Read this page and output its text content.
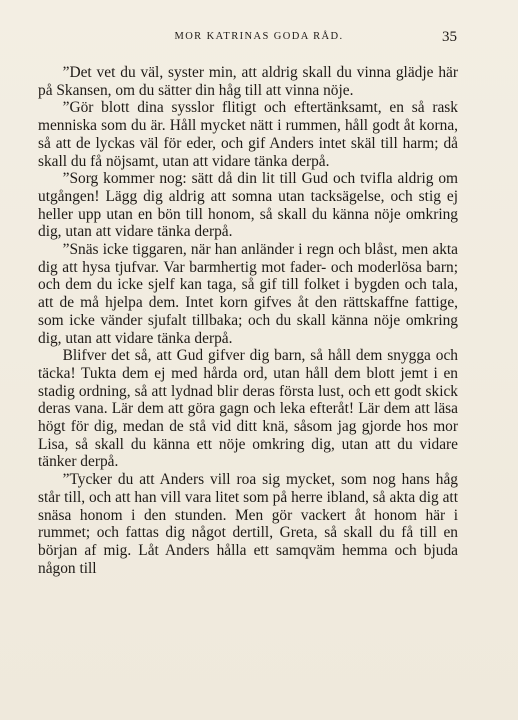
MOR KATRINAS GODA RÅD.	35

”Det vet du väl, syster min, att aldrig skall du vinna glädje här på Skansen, om du sätter din håg till att vinna nöje.

”Gör blott dina sysslor flitigt och eftertänksamt, en så rask menniska som du är. Håll mycket nätt i rummen, håll godt åt korna, så att de lyckas väl för eder, och gif Anders intet skäl till harm; då skall du få nöjsamt, utan att vidare tänka derpå.

”Sorg kommer nog: sätt då din lit till Gud och tvifla aldrig om utgången! Lägg dig aldrig att somna utan tacksägelse, och stig ej heller upp utan en bön till honom, så skall du känna nöje omkring dig, utan att vidare tänka derpå.

”Snäs icke tiggaren, när han anländer i regn och blåst, men akta dig att hysa tjufvar. Var barmhertig mot fader- och moderlösa barn; och dem du icke sjelf kan taga, så gif till folket i bygden och tala, att de må hjelpa dem. Intet korn gifves åt den rättskaffne fattige, som icke vänder sjufalt tillbaka; och du skall känna nöje omkring dig, utan att vidare tänka derpå.

Blifver det så, att Gud gifver dig barn, så håll dem snygga och täcka! Tukta dem ej med hårda ord, utan håll dem blott jemt i en stadig ordning, så att lydnad blir deras första lust, och ett godt skick deras vana. Lär dem att göra gagn och leka efteråt! Lär dem att läsa högt för dig, medan de stå vid ditt knä, såsom jag gjorde hos mor Lisa, så skall du känna ett nöje omkring dig, utan att du vidare tänker derpå.

”Tycker du att Anders vill roa sig mycket, som nog hans håg står till, och att han vill vara litet som på herre ibland, så akta dig att snäsa honom i den stunden. Men gör vackert åt honom här i rummet; och fattas dig något dertill, Greta, så skall du få till en början af mig. Låt Anders hålla ett samqväm hemma och bjuda någon till
